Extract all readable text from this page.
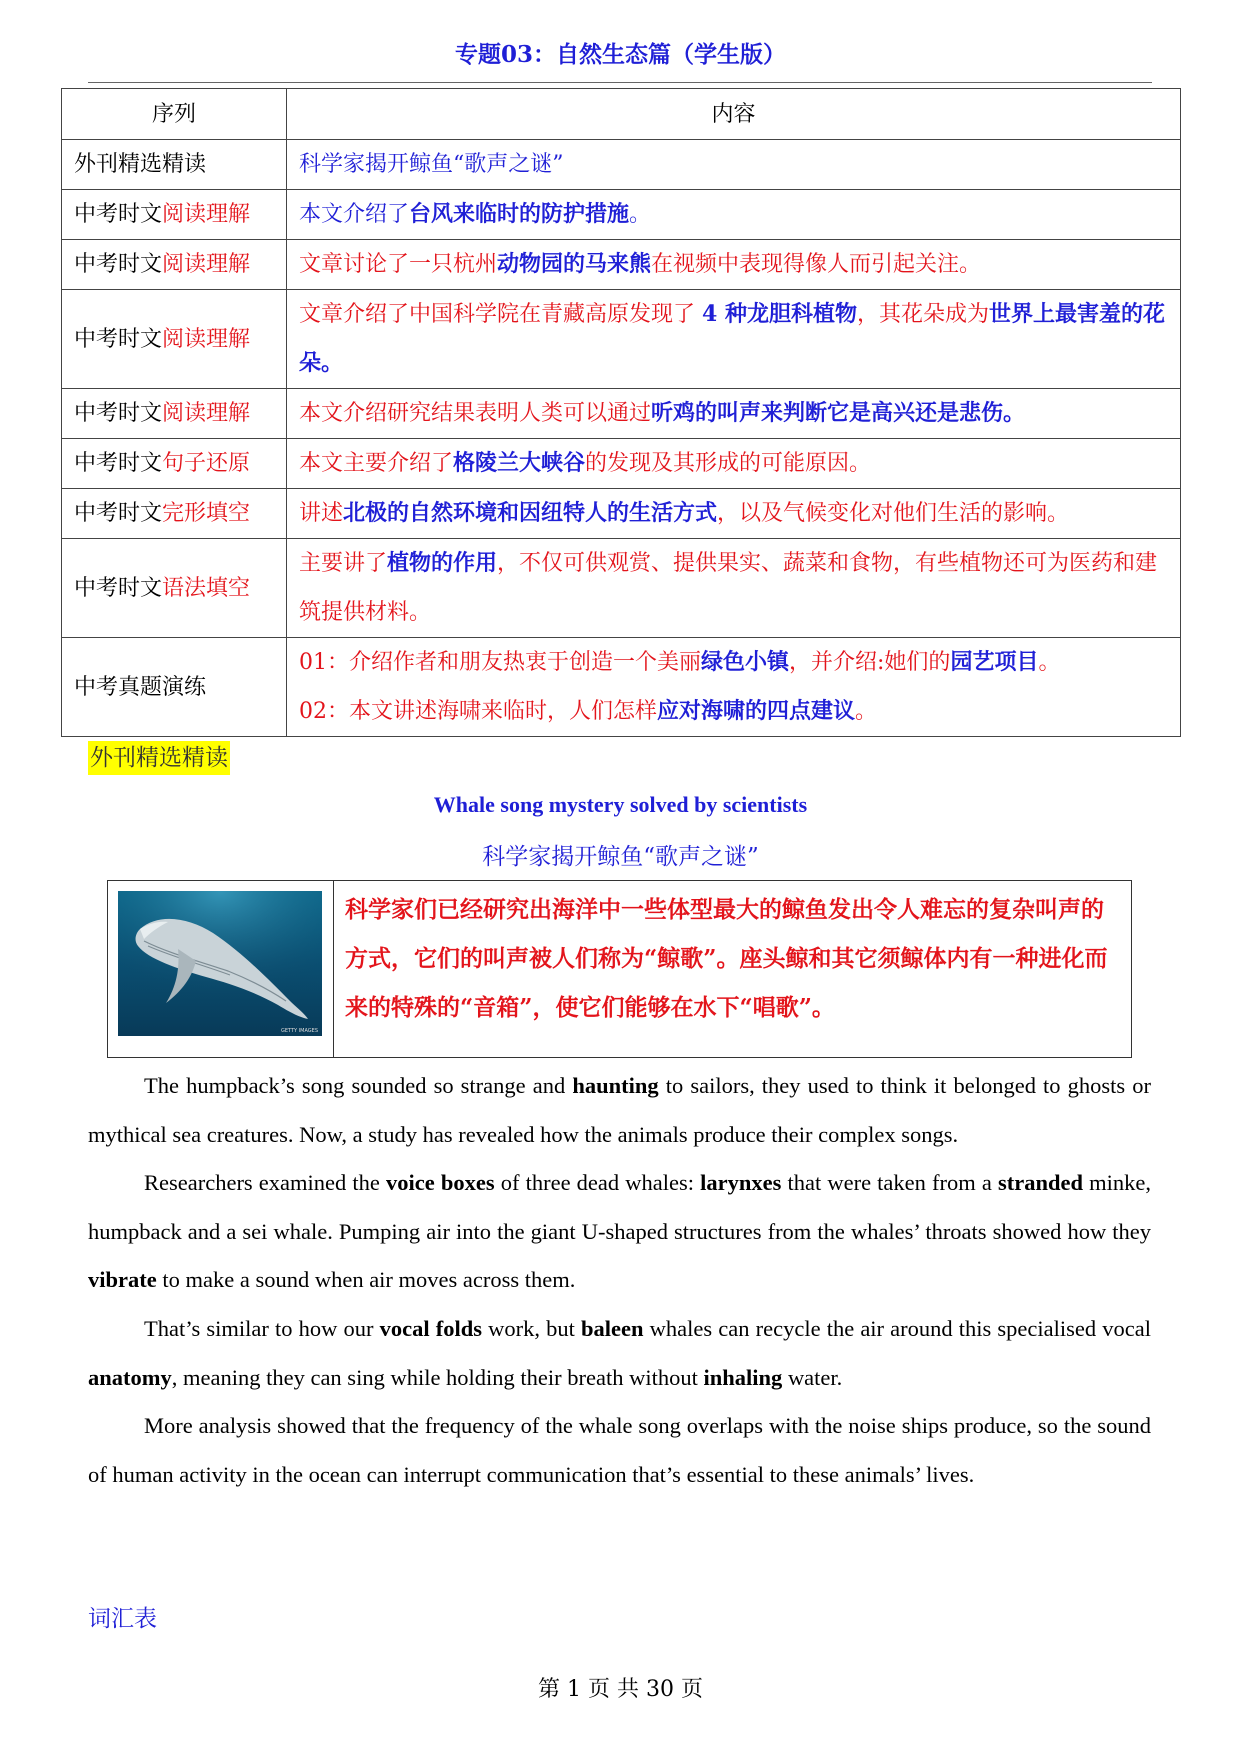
专题03：自然生态篇（学生版）
序列	内容
外刊精选精读	科学家揭开鲸鱼“歌声之谜”
中考时文阅读理解	本文介绍了台风来临时的防护措施。
中考时文阅读理解	文章讨论了一只杭州动物园的马来熊在视频中表现得像人而引起关注。
中考时文阅读理解	文章介绍了中国科学院在青藏高原发现了 4 种龙胆科植物，其花朵成为世界上最害羞的花朵。
中考时文阅读理解	本文介绍研究结果表明人类可以通过听鸡的叫声来判断它是高兴还是悲伤。
中考时文句子还原	本文主要介绍了格陵兰大峡谷的发现及其形成的可能原因。
中考时文完形填空	讲述北极的自然环境和因纽特人的生活方式，以及气候变化对他们生活的影响。
中考时文语法填空	主要讲了植物的作用，不仅可供观赏、提供果实、蔬菜和食物，有些植物还可为医药和建筑提供材料。
中考真题演练	01：介绍作者和朋友热衷于创造一个美丽绿色小镇，并介绍:她们的园艺项目。
02：本文讲述海啸来临时，人们怎样应对海啸的四点建议。
外刊精选精读
Whale song mystery solved by scientists
科学家揭开鲸鱼“歌声之谜”
GETTY IMAGES
科学家们已经研究出海洋中一些体型最大的鲸鱼发出令人难忘的复杂叫声的方式，它们的叫声被人们称为“鲸歌”。座头鲸和其它须鲸体内有一种进化而来的特殊的“音箱”，使它们能够在水下“唱歌”。

The humpback’s song sounded so strange and haunting to sailors, they used to think it belonged to ghosts or mythical sea creatures. Now, a study has revealed how the animals produce their complex songs.

Researchers examined the voice boxes of three dead whales: larynxes that were taken from a stranded minke, humpback and a sei whale. Pumping air into the giant U-shaped structures from the whales’ throats showed how they vibrate to make a sound when air moves across them.

That’s similar to how our vocal folds work, but baleen whales can recycle the air around this specialised vocal anatomy, meaning they can sing while holding their breath without inhaling water.

More analysis showed that the frequency of the whale song overlaps with the noise ships produce, so the sound of human activity in the ocean can interrupt communication that’s essential to these animals’ lives.

词汇表
第 1 页 共 30 页
